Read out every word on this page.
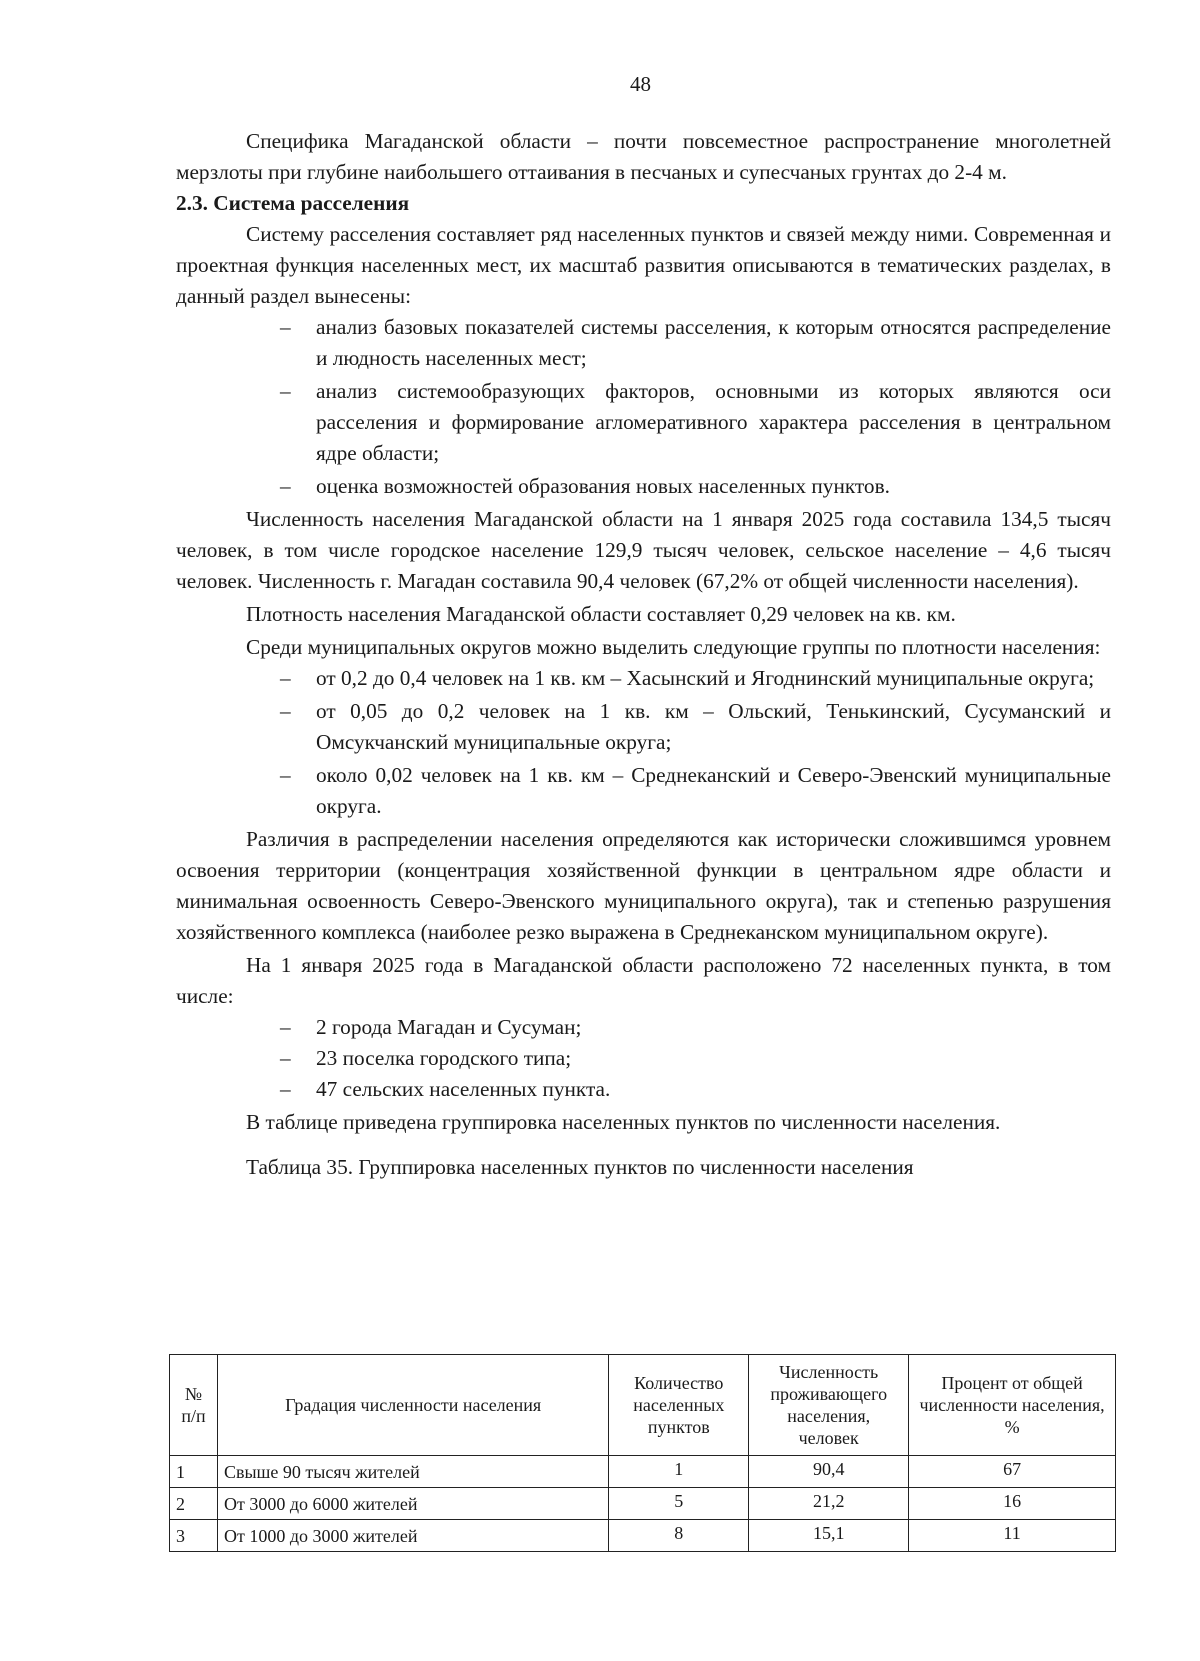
48

Специфика Магаданской области – почти повсеместное распространение многолетней мерзлоты при глубине наибольшего оттаивания в песчаных и супесчаных грунтах до 2-4 м.

2.3. Система расселения

Систему расселения составляет ряд населенных пунктов и связей между ними. Современная и проектная функция населенных мест, их масштаб развития описываются в тематических разделах, в данный раздел вынесены:

– анализ базовых показателей системы расселения, к которым относятся распределение и людность населенных мест;
– анализ системообразующих факторов, основными из которых являются оси расселения и формирование агломеративного характера расселения в центральном ядре области;
– оценка возможностей образования новых населенных пунктов.

Численность населения Магаданской области на 1 января 2025 года составила 134,5 тысяч человек, в том числе городское население 129,9 тысяч человек, сельское население – 4,6 тысяч человек. Численность г. Магадан составила 90,4 человек (67,2% от общей численности населения).

Плотность населения Магаданской области составляет 0,29 человек на кв. км.

Среди муниципальных округов можно выделить следующие группы по плотности населения:

– от 0,2 до 0,4 человек на 1 кв. км – Хасынский и Ягоднинский муниципальные округа;
– от 0,05 до 0,2 человек на 1 кв. км – Ольский, Тенькинский, Сусуманский и Омсукчанский муниципальные округа;
– около 0,02 человек на 1 кв. км – Среднеканский и Северо-Эвенский муниципальные округа.

Различия в распределении населения определяются как исторически сложившимся уровнем освоения территории (концентрация хозяйственной функции в центральном ядре области и минимальная освоенность Северо-Эвенского муниципального округа), так и степенью разрушения хозяйственного комплекса (наиболее резко выражена в Среднеканском муниципальном округе).

На 1 января 2025 года в Магаданской области расположено 72 населенных пункта, в том числе:

– 2 города Магадан и Сусуман;
– 23 поселка городского типа;
– 47 сельских населенных пункта.

В таблице приведена группировка населенных пунктов по численности населения.

Таблица 35. Группировка населенных пунктов по численности населения

№ п/п	Градация численности населения	Количество населенных пунктов	Численность проживающего населения, человек	Процент от общей численности населения, %
1	Свыше 90 тысяч жителей	1	90,4	67
2	От 3000 до 6000 жителей	5	21,2	16
3	От 1000 до 3000 жителей	8	15,1	11
